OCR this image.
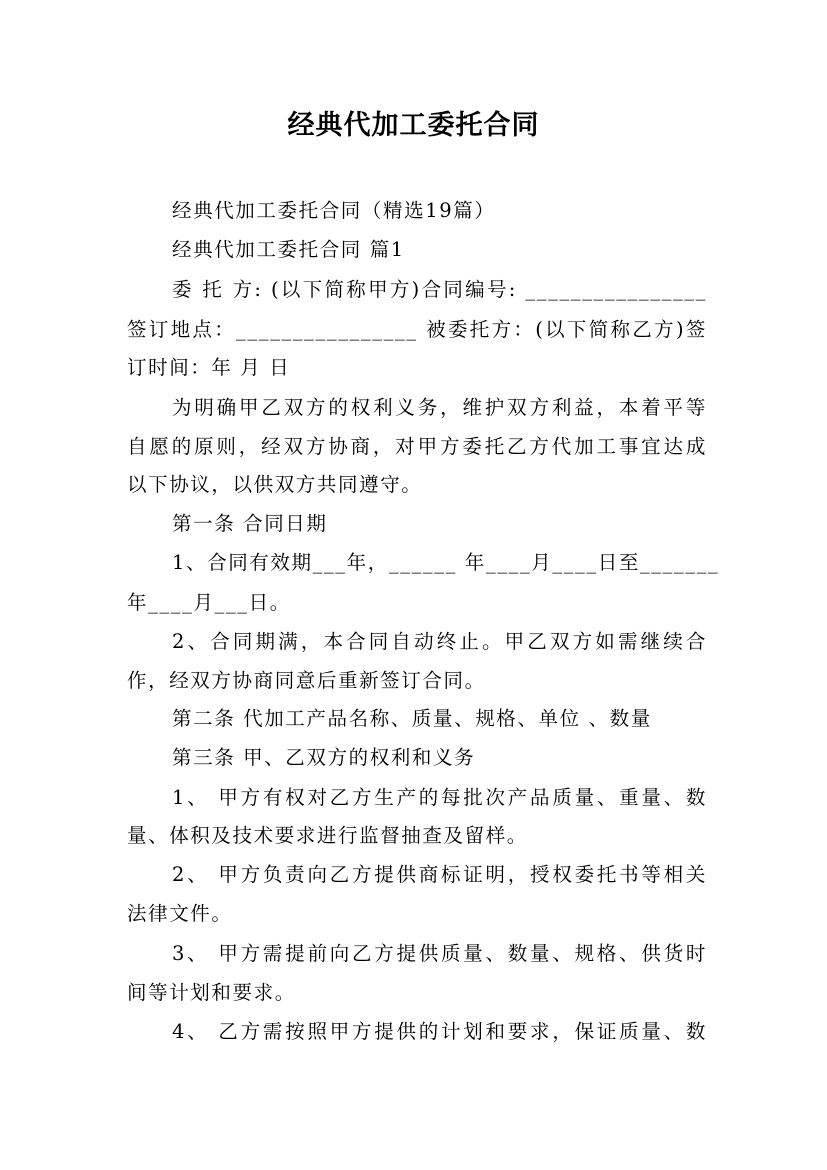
经典代加工委托合同
经典代加工委托合同（精选19篇）
经典代加工委托合同 篇1
委 托 方: (以下简称甲方)合同编号: ________________
签订地点：________________ 被委托方：(以下简称乙方)签
订时间：年 月 日
为明确甲乙双方的权利义务，维护双方利益，本着平等
自愿的原则，经双方协商，对甲方委托乙方代加工事宜达成
以下协议，以供双方共同遵守。
第一条 合同日期
1、合同有效期___年，______ 年____月____日至_______
年____月___日。
2、合同期满，本合同自动终止。甲乙双方如需继续合
作，经双方协商同意后重新签订合同。
第二条 代加工产品名称、质量、规格、单位 、数量
第三条 甲、乙双方的权利和义务
1、 甲方有权对乙方生产的每批次产品质量、重量、数
量、体积及技术要求进行监督抽查及留样。
2、 甲方负责向乙方提供商标证明，授权委托书等相关
法律文件。
3、 甲方需提前向乙方提供质量、数量、规格、供货时
间等计划和要求。
4、 乙方需按照甲方提供的计划和要求，保证质量、数
